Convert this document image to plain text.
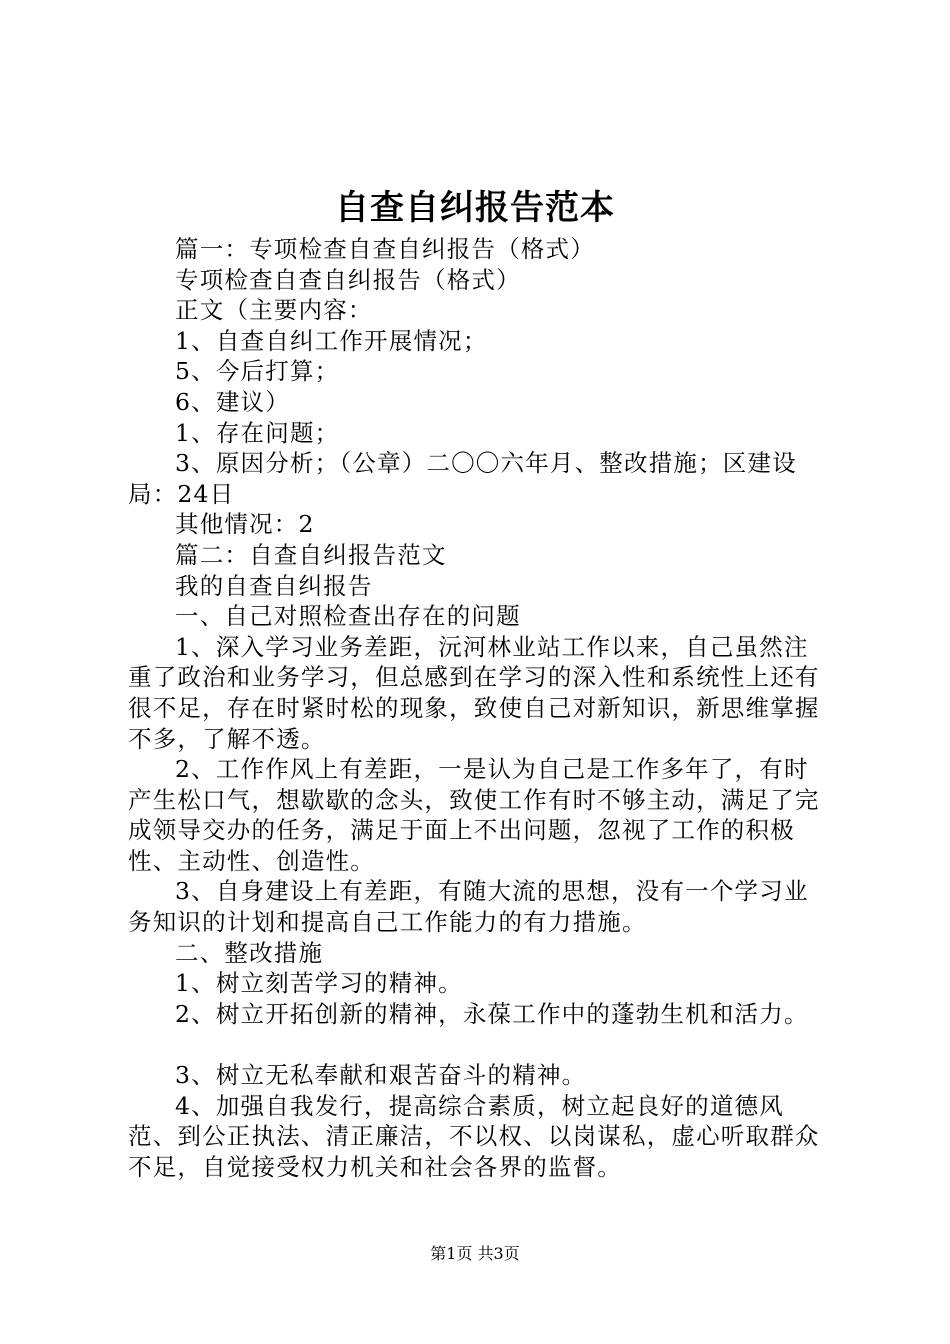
自查自纠报告范本

篇一：专项检查自查自纠报告（格式）

专项检查自查自纠报告（格式）

正文（主要内容：

1、自查自纠工作开展情况；

5、今后打算；

6、建议）

1、存在问题；

3、原因分析；（公章）二〇〇六年月、整改措施；区建设局：24日

其他情况：2

篇二：自查自纠报告范文

我的自查自纠报告

一、自己对照检查出存在的问题

1、深入学习业务差距，沅河林业站工作以来，自己虽然注重了政治和业务学习，但总感到在学习的深入性和系统性上还有很不足，存在时紧时松的现象，致使自己对新知识，新思维掌握不多，了解不透。

2、工作作风上有差距，一是认为自己是工作多年了，有时产生松口气，想歇歇的念头，致使工作有时不够主动，满足了完成领导交办的任务，满足于面上不出问题，忽视了工作的积极性、主动性、创造性。

3、自身建设上有差距，有随大流的思想，没有一个学习业务知识的计划和提高自己工作能力的有力措施。

二、整改措施

1、树立刻苦学习的精神。

2、树立开拓创新的精神，永葆工作中的蓬勃生机和活力。

3、树立无私奉献和艰苦奋斗的精神。

4、加强自我发行，提高综合素质，树立起良好的道德风范、到公正执法、清正廉洁，不以权、以岗谋私，虚心听取群众不足，自觉接受权力机关和社会各界的监督。

第1页 共3页
